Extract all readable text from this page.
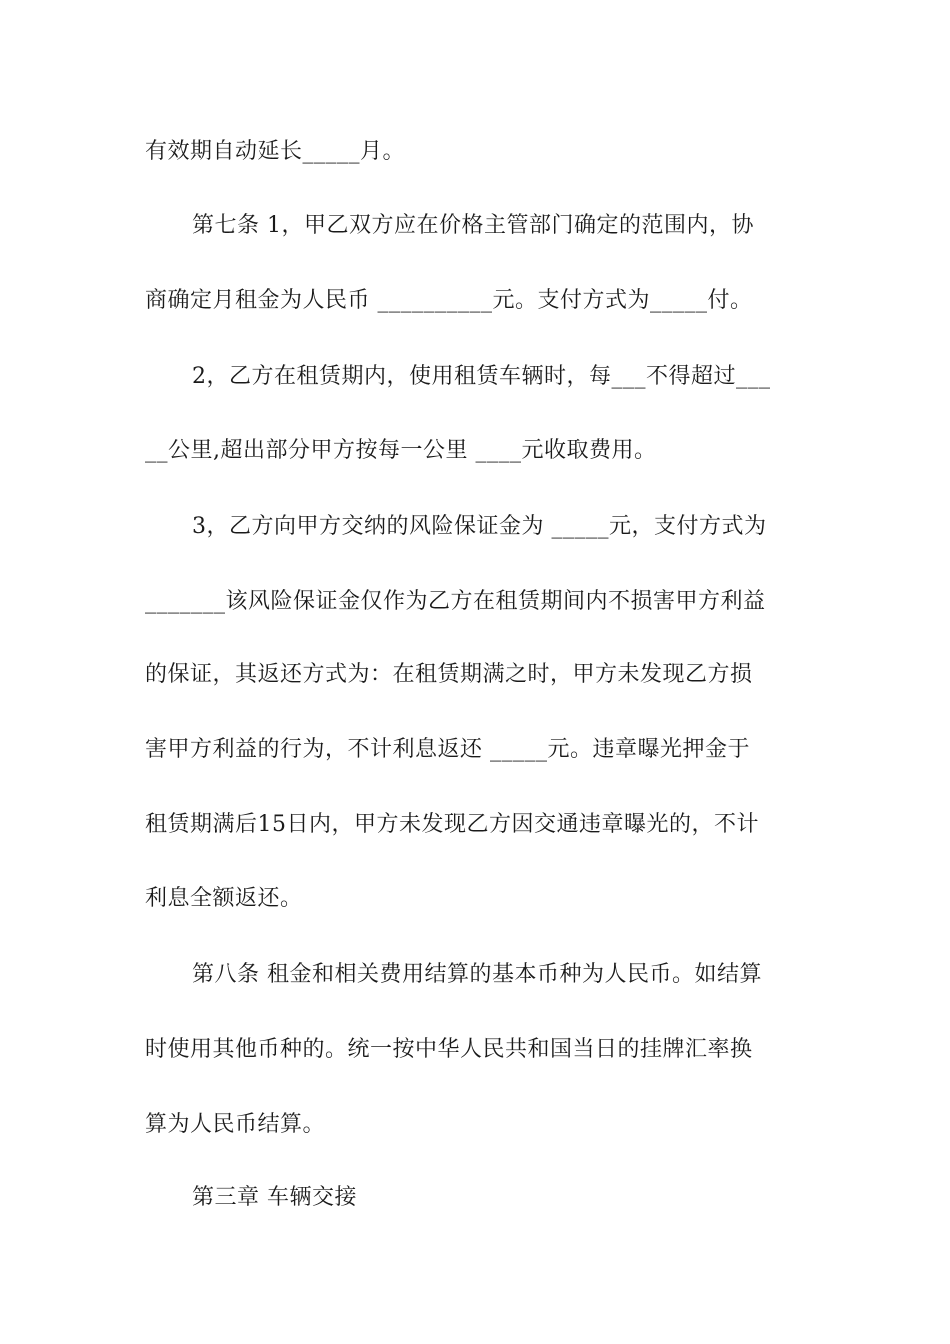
有效期自动延长_____月。
第七条 1，甲乙双方应在价格主管部门确定的范围内，协
商确定月租金为人民币 __________元。支付方式为_____付。
2，乙方在租赁期内，使用租赁车辆时，每___不得超过___
__公里,超出部分甲方按每一公里 ____元收取费用。
3，乙方向甲方交纳的风险保证金为 _____元，支付方式为
_______该风险保证金仅作为乙方在租赁期间内不损害甲方利益
的保证，其返还方式为：在租赁期满之时，甲方未发现乙方损
害甲方利益的行为，不计利息返还 _____元。违章曝光押金于
租赁期满后15日内，甲方未发现乙方因交通违章曝光的，不计
利息全额返还。
第八条 租金和相关费用结算的基本币种为人民币。如结算
时使用其他币种的。统一按中华人民共和国当日的挂牌汇率换
算为人民币结算。
第三章 车辆交接
